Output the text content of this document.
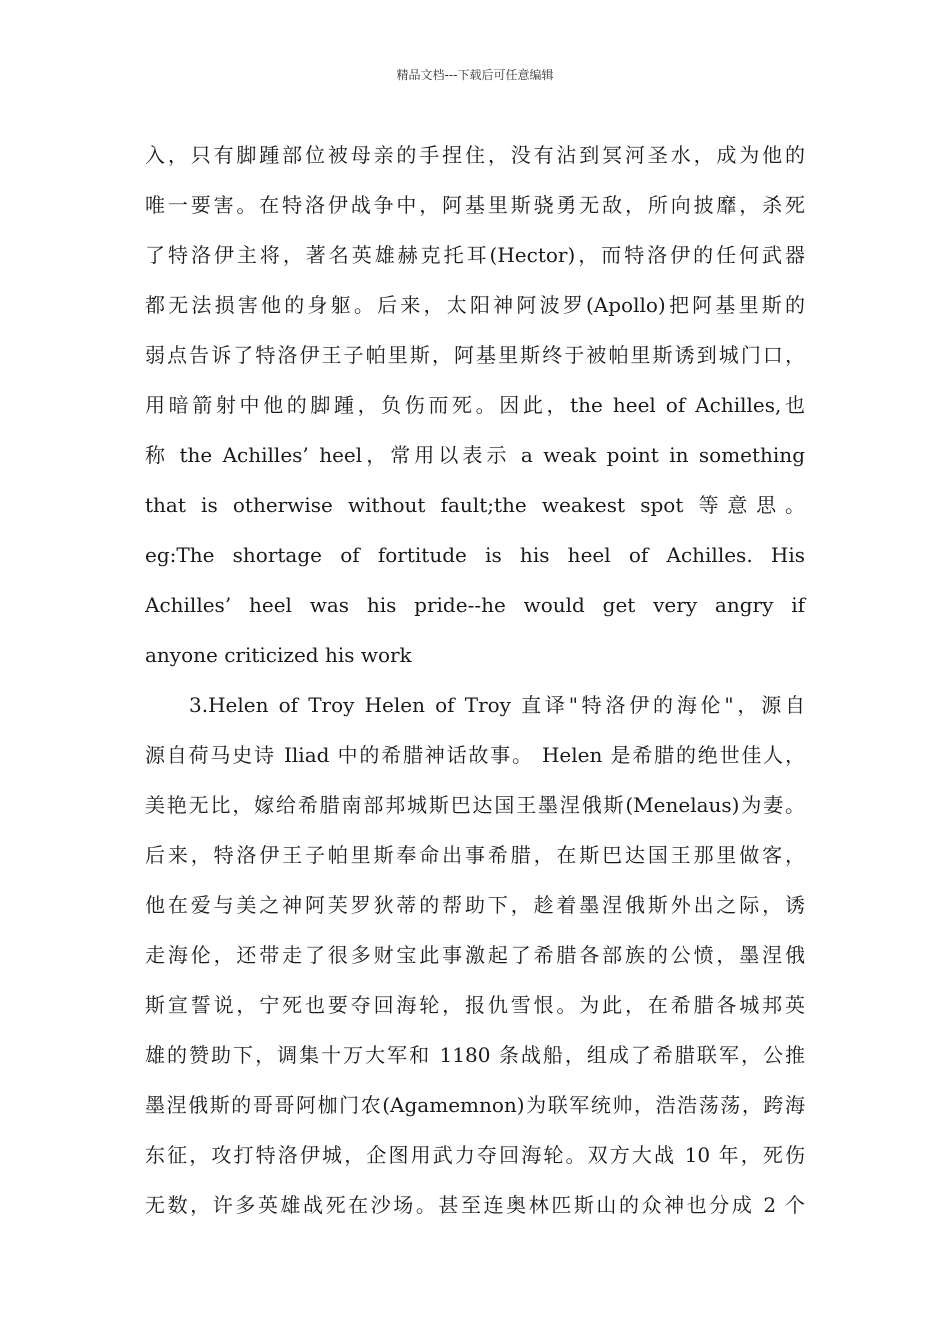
精品文档---下载后可任意编辑
入，只有脚踵部位被母亲的手捏住，没有沾到冥河圣水，成为他的
唯一要害。在特洛伊战争中，阿基里斯骁勇无敌，所向披靡，杀死
了特洛伊主将，著名英雄赫克托耳(Hector)，而特洛伊的任何武器
都无法损害他的身躯。后来，太阳神阿波罗(Apollo)把阿基里斯的
弱点告诉了特洛伊王子帕里斯，阿基里斯终于被帕里斯诱到城门口，
用暗箭射中他的脚踵，负伤而死。因此，the heel of Achilles,也
称 the Achilles’ heel，常用以表示 a weak point in something
that is otherwise without fault;the weakest spot 等意思。
eg:The shortage of fortitude is his heel of Achilles. His
Achilles’ heel was his pride--he would get very angry if
anyone criticized his work
3.Helen of Troy Helen of Troy 直译"特洛伊的海伦"，源自
源自荷马史诗 Iliad 中的希腊神话故事。 Helen 是希腊的绝世佳人，
美艳无比，嫁给希腊南部邦城斯巴达国王墨涅俄斯(Menelaus)为妻。
后来，特洛伊王子帕里斯奉命出事希腊，在斯巴达国王那里做客，
他在爱与美之神阿芙罗狄蒂的帮助下，趁着墨涅俄斯外出之际，诱
走海伦，还带走了很多财宝此事激起了希腊各部族的公愤，墨涅俄
斯宣誓说，宁死也要夺回海轮，报仇雪恨。为此，在希腊各城邦英
雄的赞助下，调集十万大军和 1180 条战船，组成了希腊联军，公推
墨涅俄斯的哥哥阿枷门农(Agamemnon)为联军统帅，浩浩荡荡，跨海
东征，攻打特洛伊城，企图用武力夺回海轮。双方大战 10 年，死伤
无数，许多英雄战死在沙场。甚至连奥林匹斯山的众神也分成 2 个
